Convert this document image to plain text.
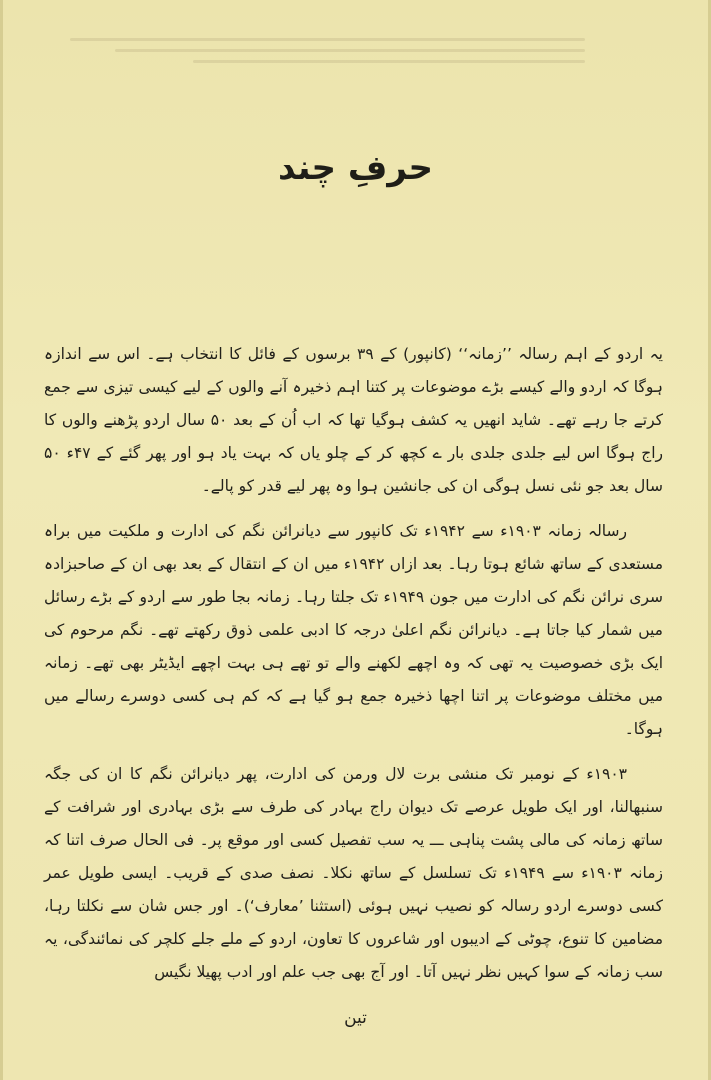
حرفِ چند

یہ اردو کے اہم رسالہ ’’زمانہ‘‘ (کانپور) کے ۳۹ برسوں کے فائل کا انتخاب ہے۔ اس سے اندازہ ہوگا کہ اردو والے کیسے بڑے موضوعات پر کتنا اہم ذخیرہ آنے والوں کے لیے کیسی تیزی سے جمع کرتے جا رہے تھے۔ شاید انھیں یہ کشف ہوگیا تھا کہ اب اُن کے بعد ۵۰ سال اردو پڑھنے والوں کا راج ہوگا اس لیے جلدی جلدی بار ے کچھ کر کے چلو یاں کہ بہت یاد ہو اور پھر گئے کے ۴۷ء ۵۰ سال بعد جو نئی نسل ہوگی ان کی جانشین ہوا وہ پھر لیے قدر کو پالے۔

رسالہ زمانہ ۱۹۰۳ء سے ۱۹۴۲ء تک کانپور سے دیانرائن نگم کی ادارت و ملکیت میں براہ مستعدی کے ساتھ شائع ہوتا رہا۔ بعد ازاں ۱۹۴۲ء میں ان کے انتقال کے بعد بھی ان کے صاحبزادہ سری نرائن نگم کی ادارت میں جون ۱۹۴۹ء تک جلتا رہا۔ زمانہ بجا طور سے اردو کے بڑے رسائل میں شمار کیا جاتا ہے۔ دیانرائن نگم اعلیٰ درجہ کا ادبی علمی ذوق رکھتے تھے۔ نگم مرحوم کی ایک بڑی خصوصیت یہ تھی کہ وہ اچھے لکھنے والے تو تھے ہی بہت اچھے ایڈیٹر بھی تھے۔ زمانہ میں مختلف موضوعات پر اتنا اچھا ذخیرہ جمع ہو گیا ہے کہ کم ہی کسی دوسرے رسالے میں ہوگا۔

۱۹۰۳ء کے نومبر تک منشی برت لال ورمن کی ادارت، پھر دیانرائن نگم کا ان کی جگہ سنبھالنا، اور ایک طویل عرصے تک دیوان راج بہادر کی طرف سے بڑی بہادری اور شرافت کے ساتھ زمانہ کی مالی پشت پناہی ـــ یہ سب تفصیل کسی اور موقع پر۔ فی الحال صرف اتنا کہ زمانہ ۱۹۰۳ء سے ۱۹۴۹ء تک تسلسل کے ساتھ نکلا۔ نصف صدی کے قریب۔ ایسی طویل عمر کسی دوسرے اردو رسالہ کو نصیب نہیں ہوئی (استثنا ’معارف‘)۔ اور جس شان سے نکلتا رہا، مضامین کا تنوع، چوٹی کے ادیبوں اور شاعروں کا تعاون، اردو کے ملے جلے کلچر کی نمائندگی، یہ سب زمانہ کے سوا کہیں نظر نہیں آتا۔ اور آج بھی جب علم اور ادب پھیلا نگیس

تین
